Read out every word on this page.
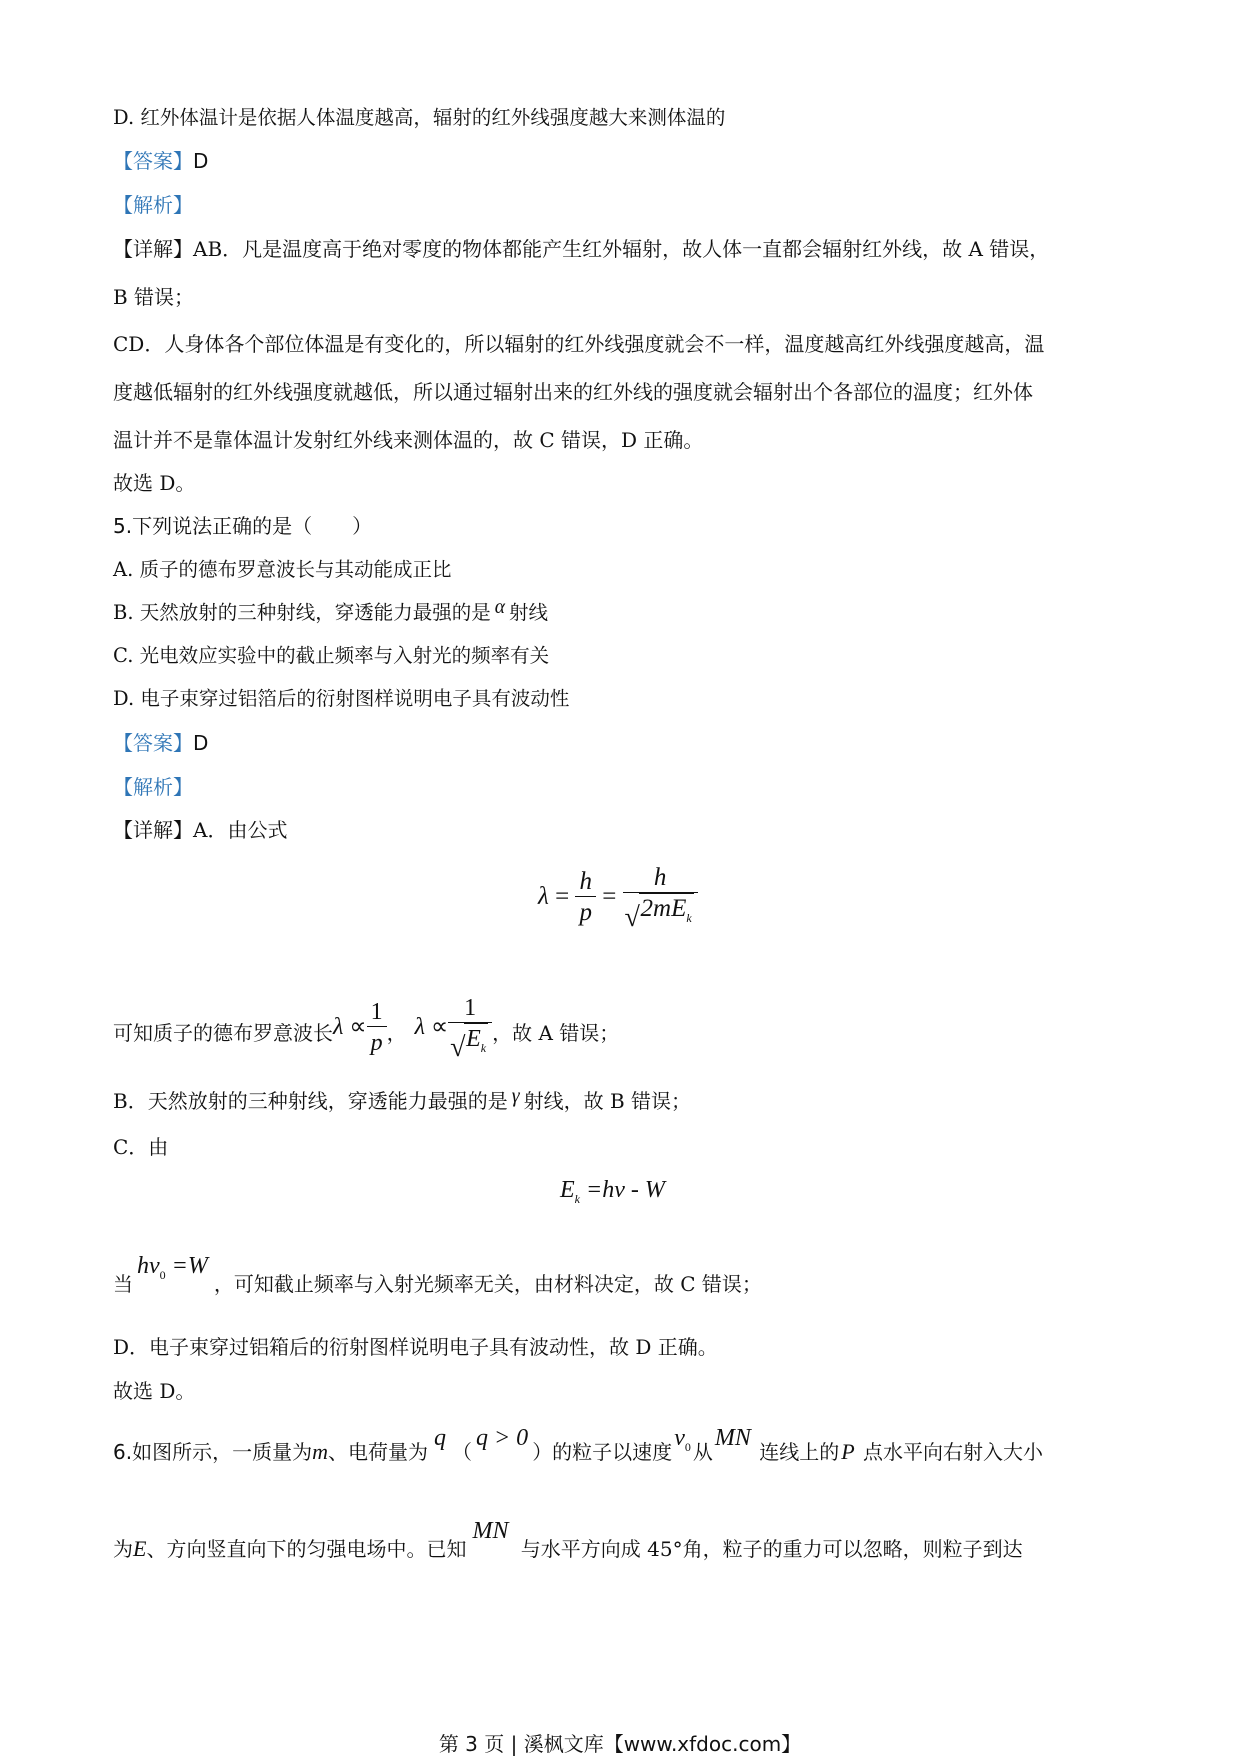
D. 红外体温计是依据人体温度越高，辐射的红外线强度越大来测体温的
【答案】D
【解析】
【详解】AB．凡是温度高于绝对零度的物体都能产生红外辐射，故人体一直都会辐射红外线，故 A 错误，
B 错误；
CD．人身体各个部位体温是有变化的，所以辐射的红外线强度就会不一样，温度越高红外线强度越高，温
度越低辐射的红外线强度就越低，所以通过辐射出来的红外线的强度就会辐射出个各部位的温度；红外体
温计并不是靠体温计发射红外线来测体温的，故 C 错误，D 正确。
故选 D。
5.下列说法正确的是（　　）
A. 质子的德布罗意波长与其动能成正比
B. 天然放射的三种射线，穿透能力最强的是 α 射线
C. 光电效应实验中的截止频率与入射光的频率有关
D. 电子束穿过铝箔后的衍射图样说明电子具有波动性
【答案】D
【解析】
【详解】A．由公式
$\lambda = \frac{h}{p} = \frac{h}{√ 2mE_k}$
可知质子的德布罗意波长$\lambda \propto \frac{1}{p}$ ， $\lambda \propto \frac{1}{√ E_k}$ ，故 A 错误；
B．天然放射的三种射线，穿透能力最强的是 γ 射线，故 B 错误；
C．由
$E_k =h\nu - W$
当$h\nu_0 =W$，可知截止频率与入射光频率无关，由材料决定，故 C 错误；
D．电子束穿过铝箱后的衍射图样说明电子具有波动性，故 D 正确。
故选 D。
6.如图所示，一质量为m、电荷量为q（q > 0）的粒子以速度$v_0$ 从MN 连线上的P 点水平向右射入大小
为E、方向竖直向下的匀强电场中。已知MN 与水平方向成 45°角，粒子的重力可以忽略，则粒子到达
第 3 页 | 溪枫文库【www.xfdoc.com】
